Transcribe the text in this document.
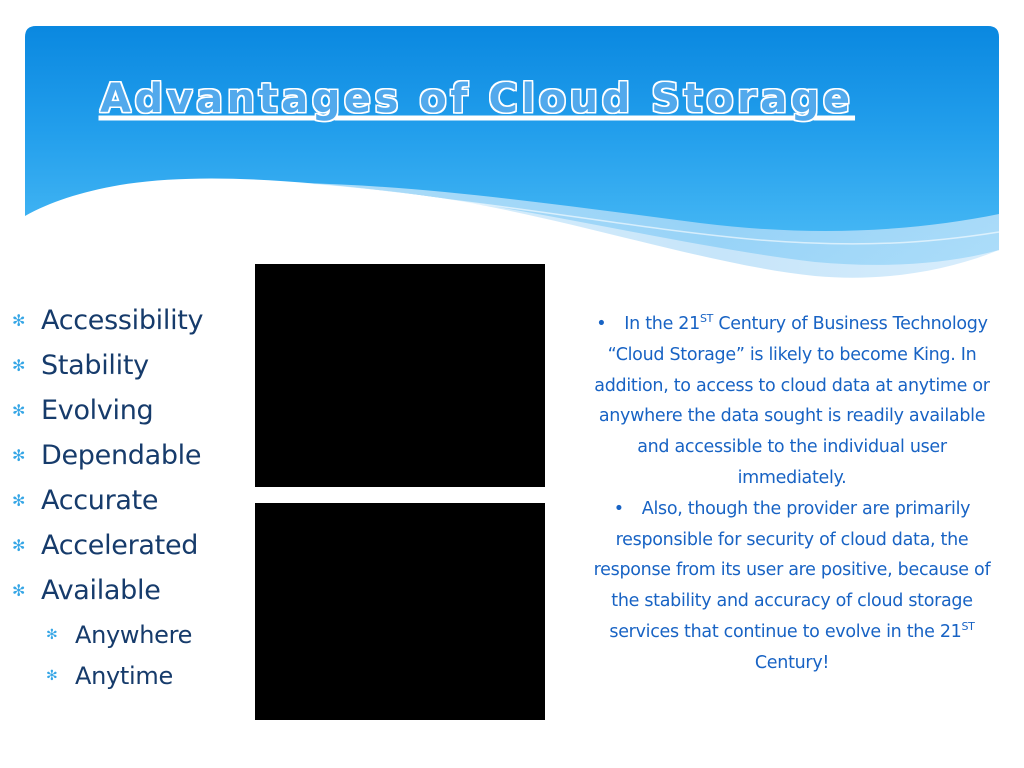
Advantages of Cloud Storage
✻ Accessibility
✻ Stability
✻ Evolving
✻ Dependable
✻ Accurate
✻ Accelerated
✻ Available
✻ Anywhere
✻ Anytime

• In the 21ST Century of Business Technology “Cloud Storage” is likely to become King. In addition, to access to cloud data at anytime or anywhere the data sought is readily available and accessible to the individual user immediately.

• Also, though the provider are primarily responsible for security of cloud data, the response from its user are positive, because of the stability and accuracy of cloud storage services that continue to evolve in the 21ST Century!
